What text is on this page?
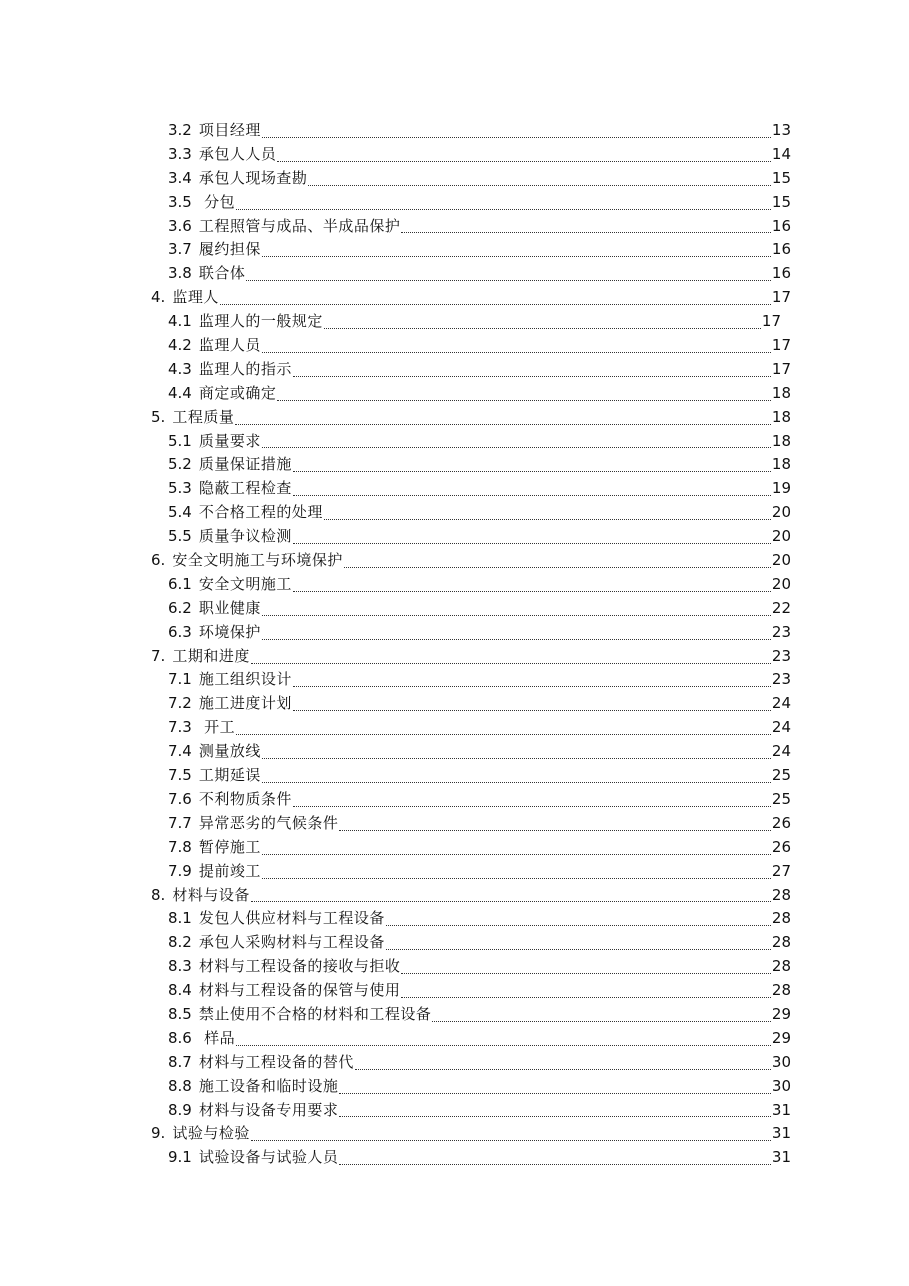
3.2 项目经理	13
3.3 承包人人员	14
3.4 承包人现场查勘	15
3.5 分包	15
3.6 工程照管与成品、半成品保护	16
3.7 履约担保	16
3.8 联合体	16
4. 监理人	17
4.1 监理人的一般规定	17
4.2 监理人员	17
4.3 监理人的指示	17
4.4 商定或确定	18
5. 工程质量	18
5.1 质量要求	18
5.2 质量保证措施	18
5.3 隐蔽工程检查	19
5.4 不合格工程的处理	20
5.5 质量争议检测	20
6. 安全文明施工与环境保护	20
6.1 安全文明施工	20
6.2 职业健康	22
6.3 环境保护	23
7. 工期和进度	23
7.1 施工组织设计	23
7.2 施工进度计划	24
7.3 开工	24
7.4 测量放线	24
7.5 工期延误	25
7.6 不利物质条件	25
7.7 异常恶劣的气候条件	26
7.8 暂停施工	26
7.9 提前竣工	27
8. 材料与设备	28
8.1 发包人供应材料与工程设备	28
8.2 承包人采购材料与工程设备	28
8.3 材料与工程设备的接收与拒收	28
8.4 材料与工程设备的保管与使用	28
8.5 禁止使用不合格的材料和工程设备	29
8.6 样品	29
8.7 材料与工程设备的替代	30
8.8 施工设备和临时设施	30
8.9 材料与设备专用要求	31
9. 试验与检验	31
9.1 试验设备与试验人员	31
